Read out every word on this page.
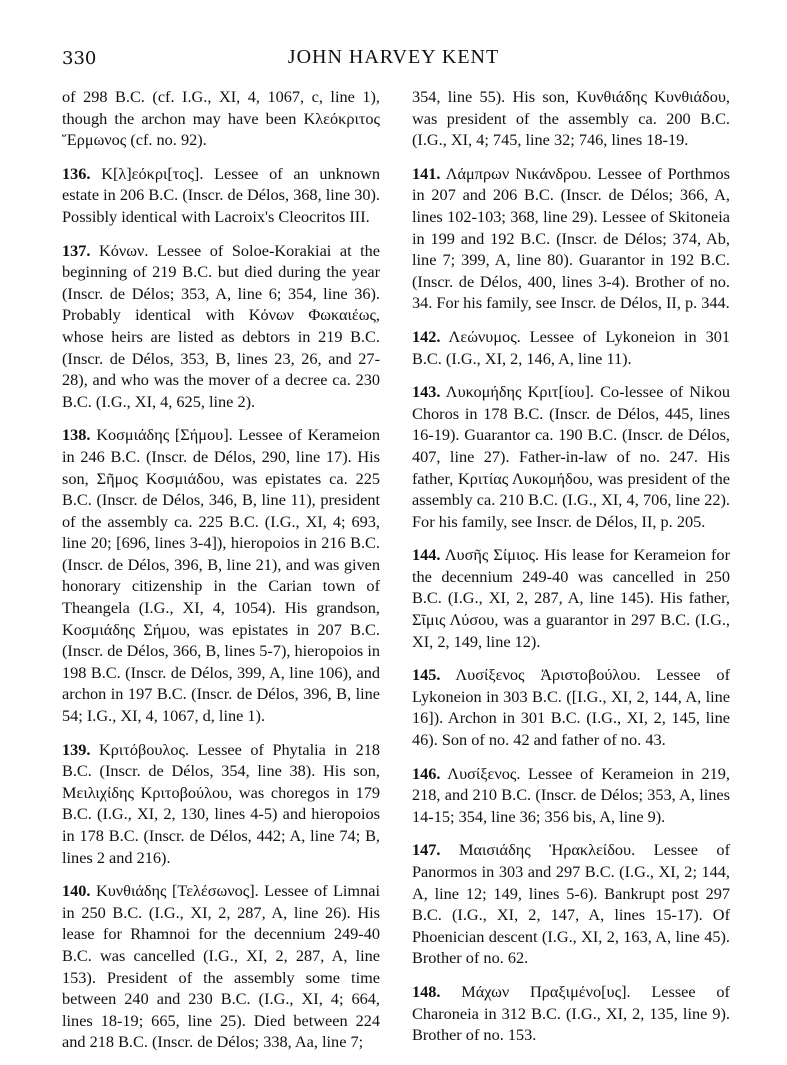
330	JOHN HARVEY KENT

of 298 B.C. (cf. I.G., XI, 4, 1067, c, line 1), though the archon may have been Κλεόκριτος Ἕρμωνος (cf. no. 92).

136. Κ[λ]εόκρι[τος]. Lessee of an unknown estate in 206 B.C. (Inscr. de Délos, 368, line 30). Possibly identical with Lacroix's Cleocritos III.

137. Κόνων. Lessee of Soloe-Korakiai at the beginning of 219 B.C. but died during the year (Inscr. de Délos; 353, A, line 6; 354, line 36). Probably identical with Κόνων Φωκαιέως, whose heirs are listed as debtors in 219 B.C. (Inscr. de Délos, 353, B, lines 23, 26, and 27-28), and who was the mover of a decree ca. 230 B.C. (I.G., XI, 4, 625, line 2).

138. Κοσμιάδης [Σήμου]. Lessee of Kerameion in 246 B.C. (Inscr. de Délos, 290, line 17). His son, Σῆμος Κοσμιάδου, was epistates ca. 225 B.C. (Inscr. de Délos, 346, B, line 11), president of the assembly ca. 225 B.C. (I.G., XI, 4; 693, line 20; [696, lines 3-4]), hieropoios in 216 B.C. (Inscr. de Délos, 396, B, line 21), and was given honorary citizenship in the Carian town of Theangela (I.G., XI, 4, 1054). His grandson, Κοσμιάδης Σήμου, was epistates in 207 B.C. (Inscr. de Délos, 366, B, lines 5-7), hieropoios in 198 B.C. (Inscr. de Délos, 399, A, line 106), and archon in 197 B.C. (Inscr. de Délos, 396, B, line 54; I.G., XI, 4, 1067, d, line 1).

139. Κριτόβουλος. Lessee of Phytalia in 218 B.C. (Inscr. de Délos, 354, line 38). His son, Μειλιχίδης Κριτοβούλου, was choregos in 179 B.C. (I.G., XI, 2, 130, lines 4-5) and hieropoios in 178 B.C. (Inscr. de Délos, 442; A, line 74; B, lines 2 and 216).

140. Κυνθιάδης [Τελέσωνος]. Lessee of Limnai in 250 B.C. (I.G., XI, 2, 287, A, line 26). His lease for Rhamnoi for the decennium 249-40 B.C. was cancelled (I.G., XI, 2, 287, A, line 153). President of the assembly some time between 240 and 230 B.C. (I.G., XI, 4; 664, lines 18-19; 665, line 25). Died between 224 and 218 B.C. (Inscr. de Délos; 338, Aa, line 7;

354, line 55). His son, Κυνθιάδης Κυνθιάδου, was president of the assembly ca. 200 B.C. (I.G., XI, 4; 745, line 32; 746, lines 18-19.

141. Λάμπρων Νικάνδρου. Lessee of Porthmos in 207 and 206 B.C. (Inscr. de Délos; 366, A, lines 102-103; 368, line 29). Lessee of Skitoneia in 199 and 192 B.C. (Inscr. de Délos; 374, Ab, line 7; 399, A, line 80). Guarantor in 192 B.C. (Inscr. de Délos, 400, lines 3-4). Brother of no. 34. For his family, see Inscr. de Délos, II, p. 344.

142. Λεώνυμος. Lessee of Lykoneion in 301 B.C. (I.G., XI, 2, 146, A, line 11).

143. Λυκομήδης Κριτ[ίου]. Co-lessee of Nikou Choros in 178 B.C. (Inscr. de Délos, 445, lines 16-19). Guarantor ca. 190 B.C. (Inscr. de Délos, 407, line 27). Father-in-law of no. 247. His father, Κριτίας Λυκομήδου, was president of the assembly ca. 210 B.C. (I.G., XI, 4, 706, line 22). For his family, see Inscr. de Délos, II, p. 205.

144. Λυσῆς Σίμιος. His lease for Kerameion for the decennium 249-40 was cancelled in 250 B.C. (I.G., XI, 2, 287, A, line 145). His father, Σῖμις Λύσου, was a guarantor in 297 B.C. (I.G., XI, 2, 149, line 12).

145. Λυσίξενος Ἀριστοβούλου. Lessee of Lykoneion in 303 B.C. ([I.G., XI, 2, 144, A, line 16]). Archon in 301 B.C. (I.G., XI, 2, 145, line 46). Son of no. 42 and father of no. 43.

146. Λυσίξενος. Lessee of Kerameion in 219, 218, and 210 B.C. (Inscr. de Délos; 353, A, lines 14-15; 354, line 36; 356 bis, A, line 9).

147. Μαισιάδης Ἡρακλείδου. Lessee of Panormos in 303 and 297 B.C. (I.G., XI, 2; 144, A, line 12; 149, lines 5-6). Bankrupt post 297 B.C. (I.G., XI, 2, 147, A, lines 15-17). Of Phoenician descent (I.G., XI, 2, 163, A, line 45). Brother of no. 62.

148. Μάχων Πραξιμένο[υς]. Lessee of Charoneia in 312 B.C. (I.G., XI, 2, 135, line 9). Brother of no. 153.
